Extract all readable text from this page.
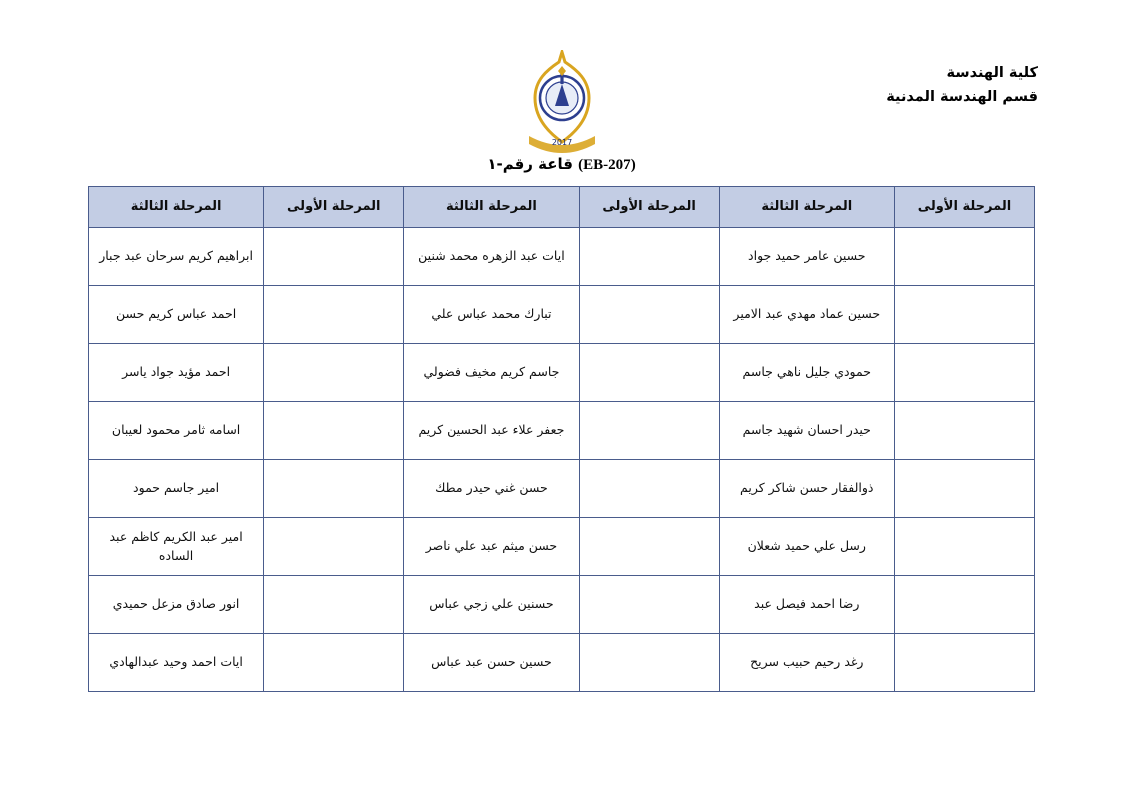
كلية الهندسة
قسم الهندسة المدنية
2017
(EB-207) قاعة رقم-١
المرحلة الأولى	المرحلة الثالثة	المرحلة الأولى	المرحلة الثالثة	المرحلة الأولى	المرحلة الثالثة
	حسين عامر حميد جواد		ايات عبد الزهره محمد شنين		ابراهيم كريم سرحان عبد جبار
	حسين عماد مهدي عبد الامير		تبارك محمد عباس علي		احمد عباس كريم حسن
	حمودي جليل ناهي جاسم		جاسم كريم مخيف فضولي		احمد مؤيد جواد ياسر
	حيدر احسان شهيد جاسم		جعفر علاء عبد الحسين كريم		اسامه ثامر محمود لعيبان
	ذوالفقار حسن شاكر كريم		حسن غني حيدر مطك		امير جاسم حمود
	رسل علي حميد شعلان		حسن ميثم عبد علي ناصر		امير عبد الكريم كاظم عبد الساده
	رضا احمد فيصل عبد		حسنين علي زجي عباس		انور صادق مزعل حميدي
	رغد رحيم حبيب سريح		حسين حسن عبد عباس		ايات احمد وحيد عبدالهادي
